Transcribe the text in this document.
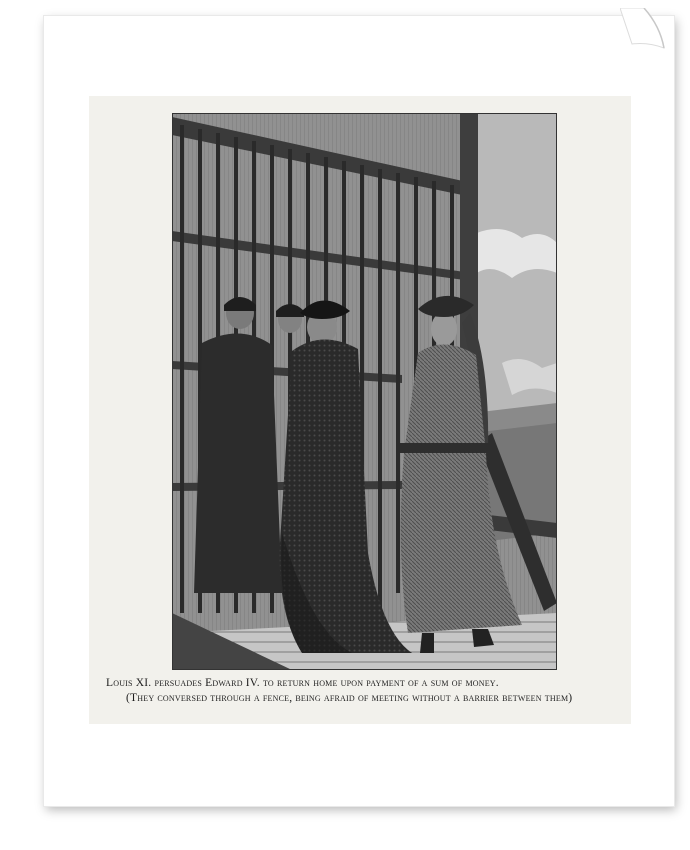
Louis XI. persuades Edward IV. to return home upon payment of a sum of money.

(They conversed through a fence, being afraid of meeting without a barrier between them)
